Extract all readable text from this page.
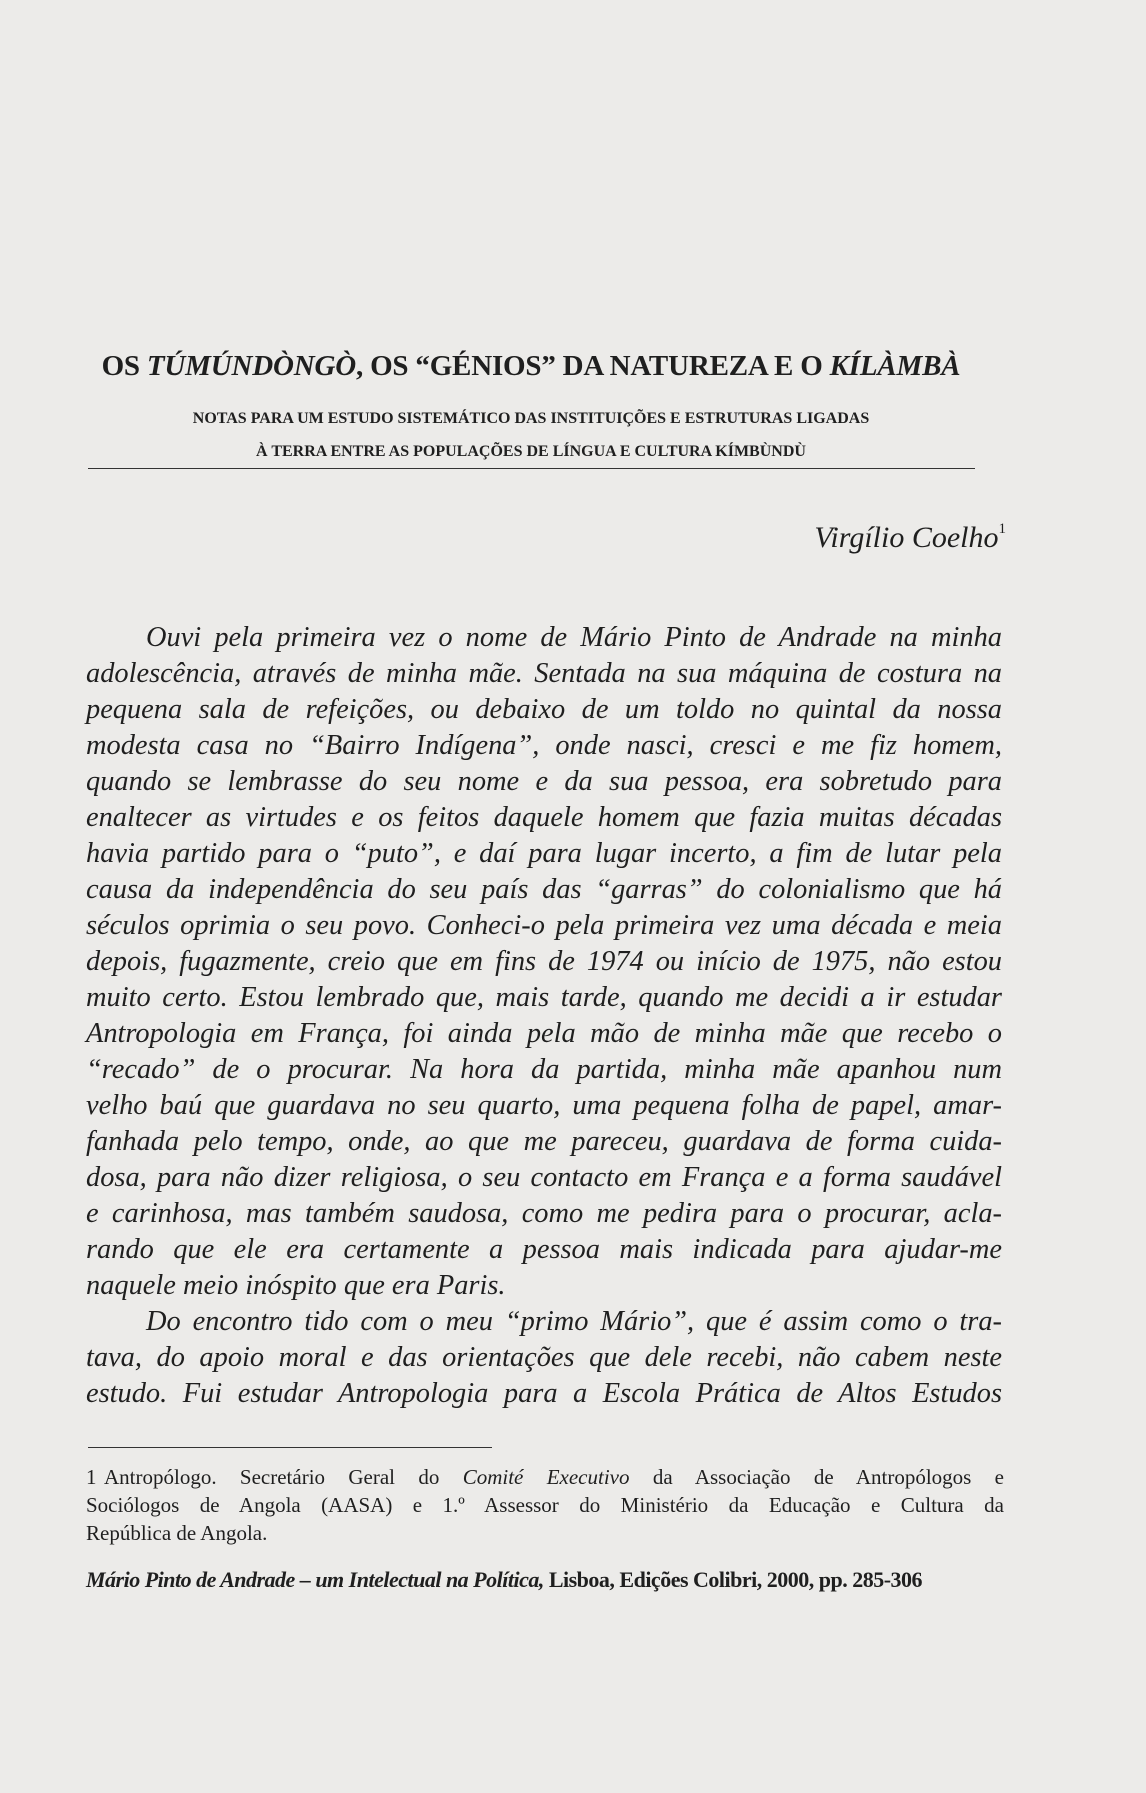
OS TÚMÚNDÒNGÒ, OS “GÉNIOS” DA NATUREZA E O KÍLÀMBÀ
NOTAS PARA UM ESTUDO SISTEMÁTICO DAS INSTITUIÇÕES E ESTRUTURAS LIGADAS
À TERRA ENTRE AS POPULAÇÕES DE LÍNGUA E CULTURA KÍMBÙNDÙ
Virgílio Coelho$^1$
Ouvi pela primeira vez o nome de Mário Pinto de Andrade na minha
adolescência, através de minha mãe. Sentada na sua máquina de costura na
pequena sala de refeições, ou debaixo de um toldo no quintal da nossa
modesta casa no “Bairro Indígena”, onde nasci, cresci e me fiz homem,
quando se lembrasse do seu nome e da sua pessoa, era sobretudo para
enaltecer as virtudes e os feitos daquele homem que fazia muitas décadas
havia partido para o “puto”, e daí para lugar incerto, a fim de lutar pela
causa da independência do seu país das “garras” do colonialismo que há
séculos oprimia o seu povo. Conheci-o pela primeira vez uma década e meia
depois, fugazmente, creio que em fins de 1974 ou início de 1975, não estou
muito certo. Estou lembrado que, mais tarde, quando me decidi a ir estudar
Antropologia em França, foi ainda pela mão de minha mãe que recebo o
“recado” de o procurar. Na hora da partida, minha mãe apanhou num
velho baú que guardava no seu quarto, uma pequena folha de papel, amar-
fanhada pelo tempo, onde, ao que me pareceu, guardava de forma cuida-
dosa, para não dizer religiosa, o seu contacto em França e a forma saudável
e carinhosa, mas também saudosa, como me pedira para o procurar, acla-
rando que ele era certamente a pessoa mais indicada para ajudar-me
naquele meio inóspito que era Paris.
Do encontro tido com o meu “primo Mário”, que é assim como o tra-
tava, do apoio moral e das orientações que dele recebi, não cabem neste
estudo. Fui estudar Antropologia para a Escola Prática de Altos Estudos
1 Antropólogo. Secretário Geral do Comité Executivo da Associação de Antropólogos e
Sociólogos de Angola (AASA) e 1.º Assessor do Ministério da Educação e Cultura da
República de Angola.
Mário Pinto de Andrade – um Intelectual na Política, Lisboa, Edições Colibri, 2000, pp. 285-306
